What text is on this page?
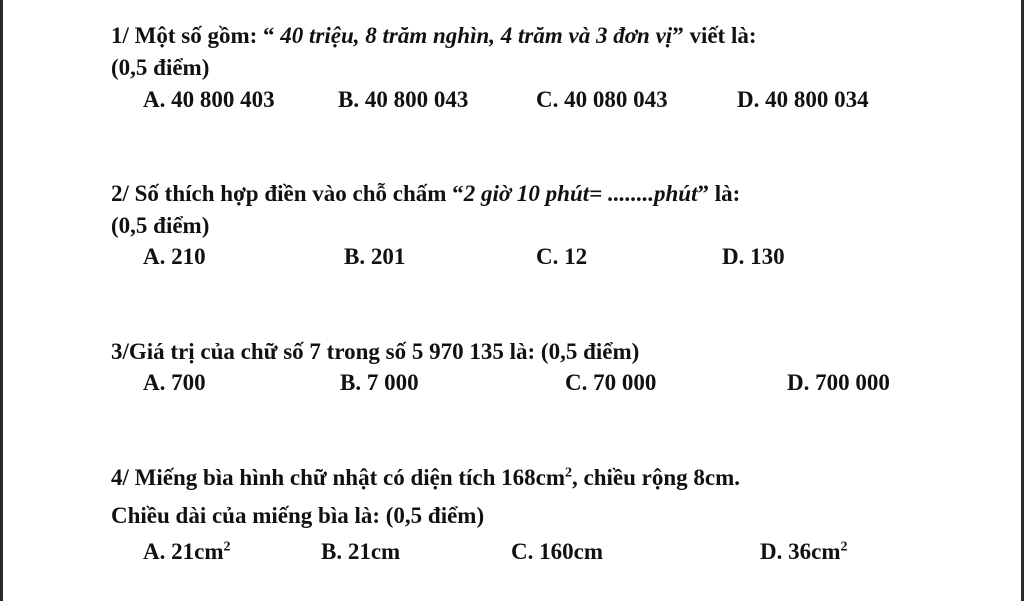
1/ Một số gồm: “ 40 triệu, 8 trăm nghìn, 4 trăm và 3 đơn vị” viết là:
(0,5 điểm)
A. 40 800 403	B. 40 800 043	C. 40 080 043	D. 40 800 034
2/ Số thích hợp điền vào chỗ chấm “2 giờ 10 phút= ........phút” là:
(0,5 điểm)
A. 210	B. 201	C. 12	D. 130
3/Giá trị của chữ số 7 trong số 5 970 135 là: (0,5 điểm)
A. 700	B. 7 000	C. 70 000	D. 700 000
4/ Miếng bìa hình chữ nhật có diện tích $168cm^2$, chiều rộng 8cm.
Chiều dài của miếng bìa là: (0,5 điểm)
A. $21cm^2$	B. 21cm	C. 160cm	D. $36cm^2$
